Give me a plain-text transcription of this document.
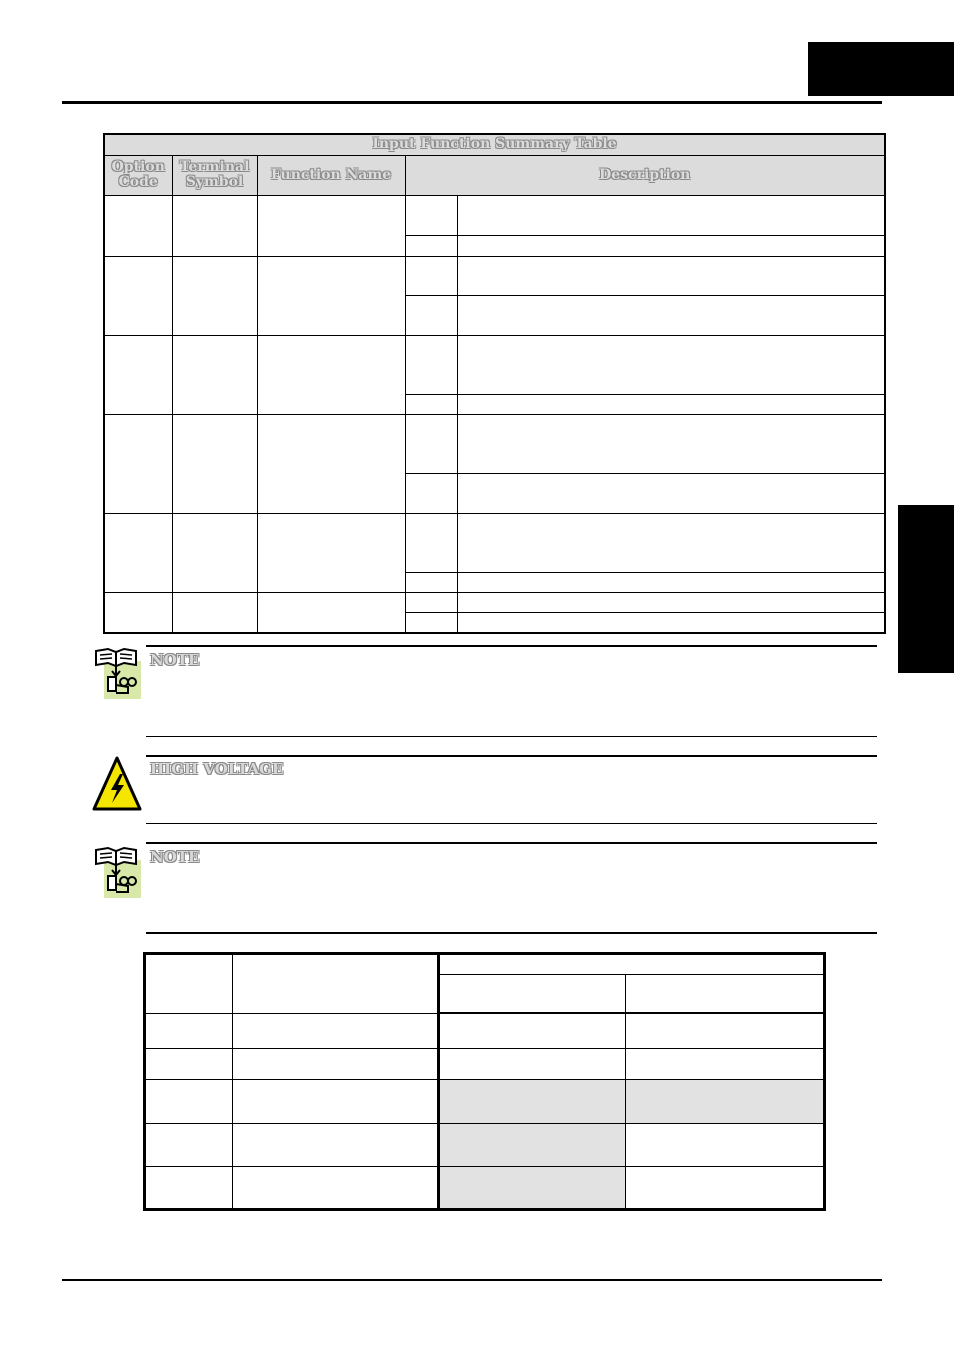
Input Function Summary Table				
Option Code	Terminal Symbol	Function Name	Description	

NOTE
HIGH VOLTAGE
NOTE
